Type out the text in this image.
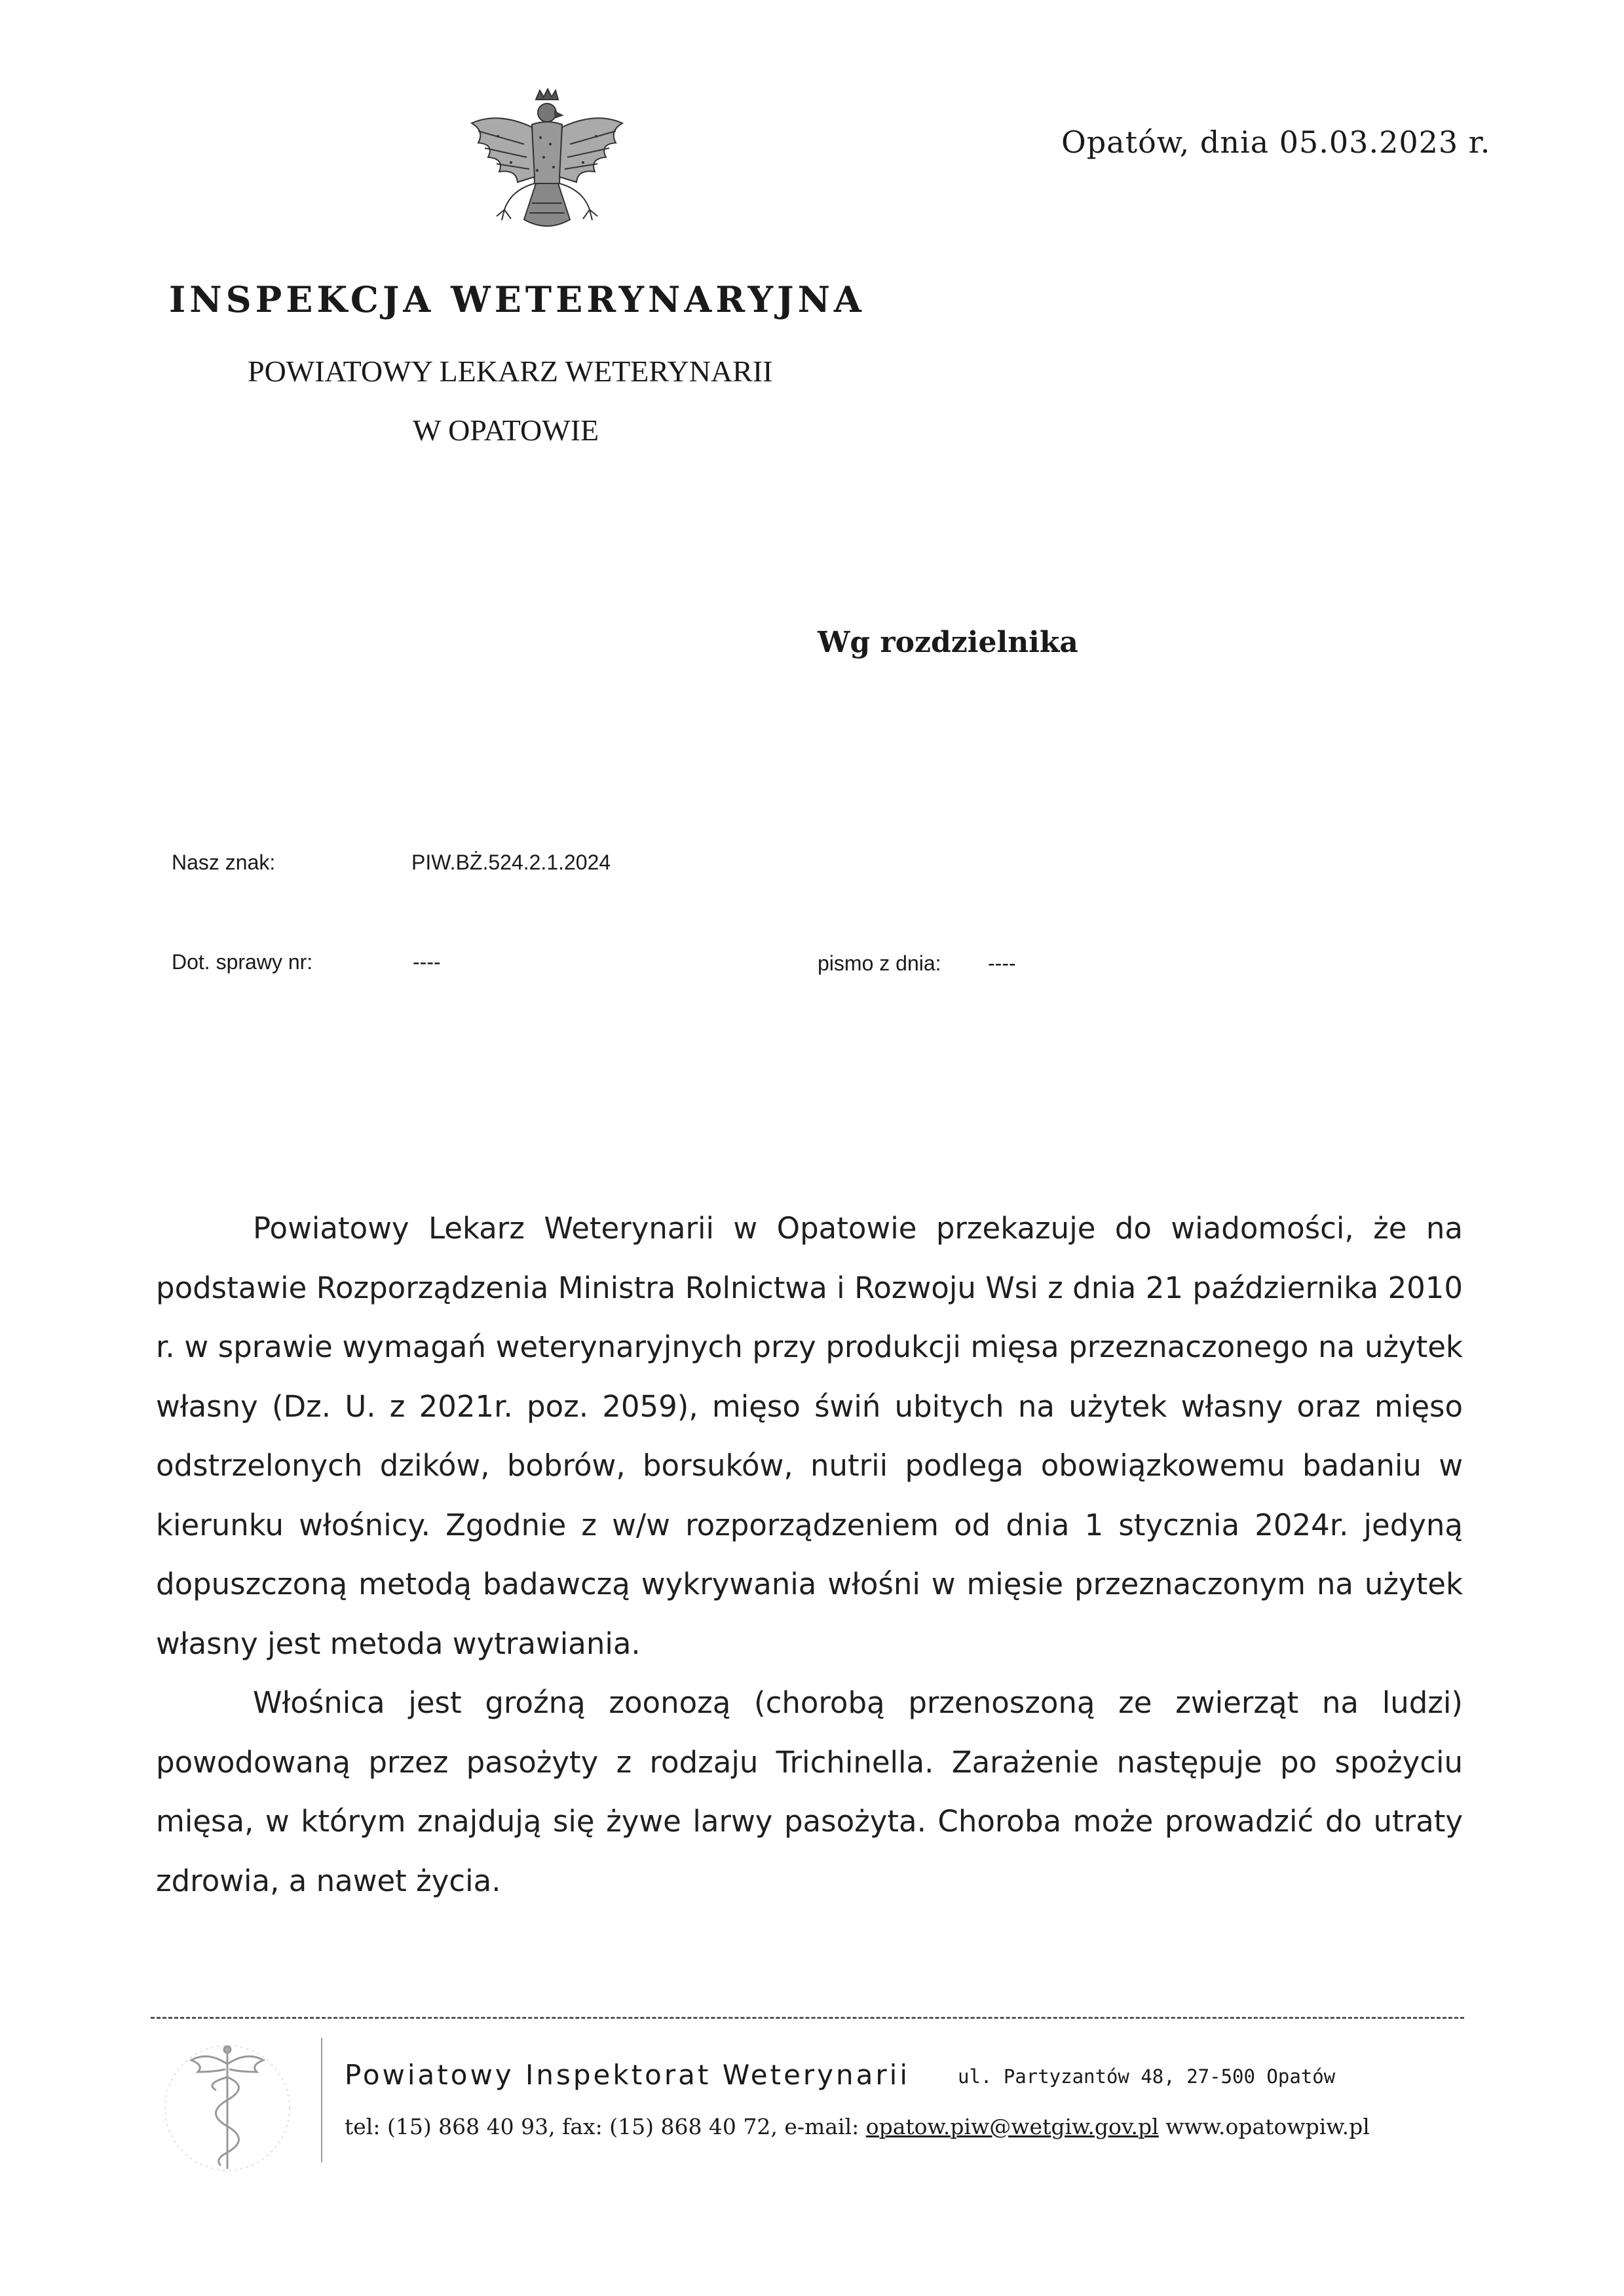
Opatów, dnia 05.03.2023 r.
INSPEKCJA WETERYNARYJNA
POWIATOWY LEKARZ WETERYNARII
W OPATOWIE
Wg rozdzielnika
Nasz znak:	PIW.BŻ.524.2.1.2024
Dot. sprawy nr:	----	pismo z dnia: ----

Powiatowy Lekarz Weterynarii w Opatowie przekazuje do wiadomości, że na podstawie Rozporządzenia Ministra Rolnictwa i Rozwoju Wsi z dnia 21 października 2010 r. w sprawie wymagań weterynaryjnych przy produkcji mięsa przeznaczonego na użytek własny (Dz. U. z 2021r. poz. 2059), mięso świń ubitych na użytek własny oraz mięso odstrzelonych dzików, bobrów, borsuków, nutrii podlega obowiązkowemu badaniu w kierunku włośnicy. Zgodnie z w/w rozporządzeniem od dnia 1 stycznia 2024r. jedyną dopuszczoną metodą badawczą wykrywania włośni w mięsie przeznaczonym na użytek własny jest metoda wytrawiania.

Włośnica jest groźną zoonozą (chorobą przenoszoną ze zwierząt na ludzi) powodowaną przez pasożyty z rodzaju Trichinella. Zarażenie następuje po spożyciu mięsa, w którym znajdują się żywe larwy pasożyta. Choroba może prowadzić do utraty zdrowia, a nawet życia.

Powiatowy Inspektorat Weterynarii	ul. Partyzantów 48, 27-500 Opatów
tel: (15) 868 40 93, fax: (15) 868 40 72, e-mail: opatow.piw@wetgiw.gov.pl www.opatowpiw.pl
